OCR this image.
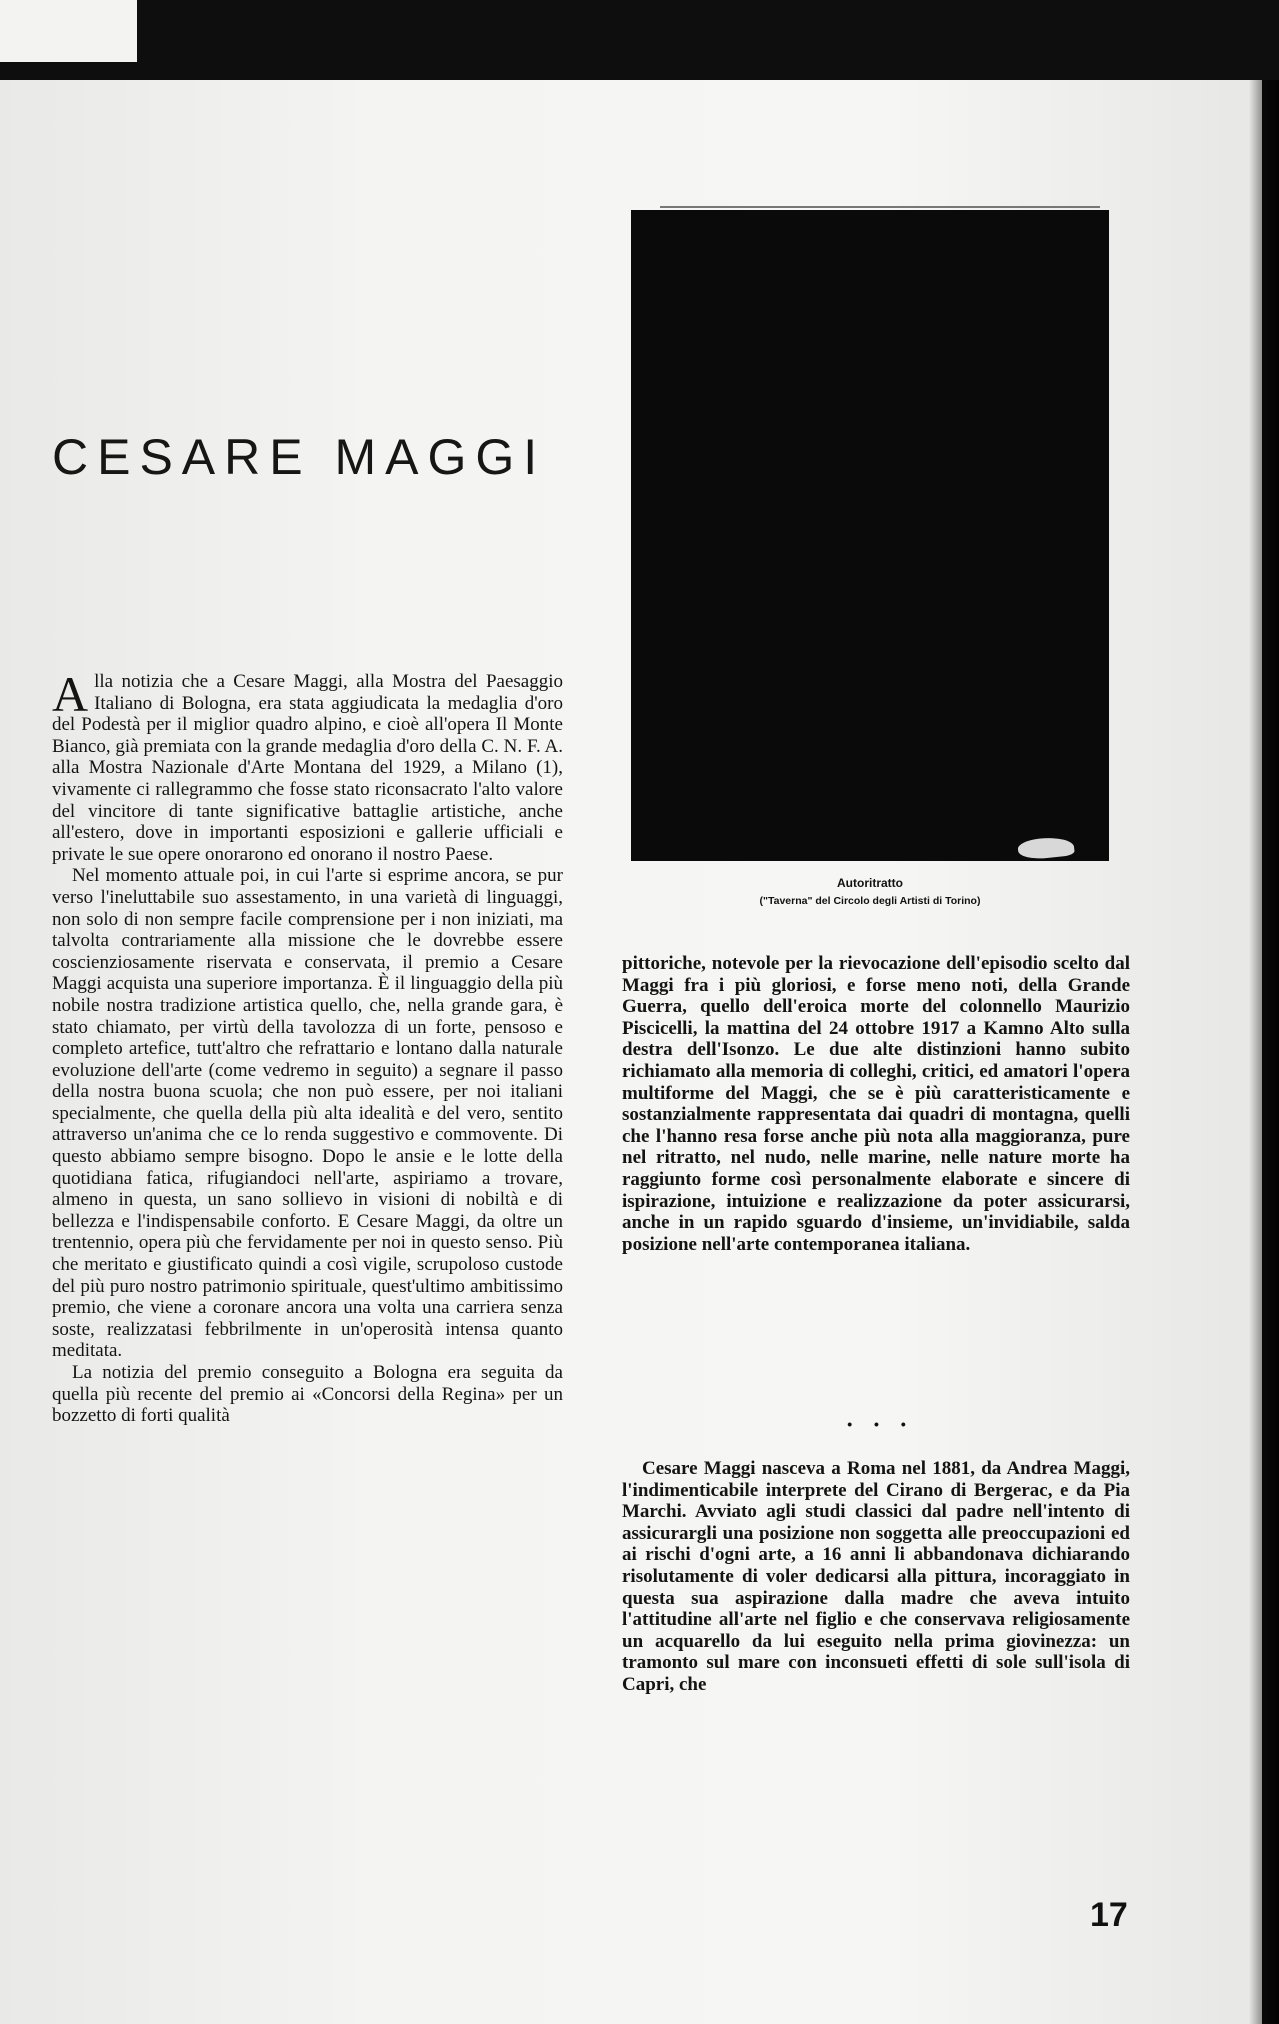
CESARE MAGGI
Autoritratto
("Taverna" del Circolo degli Artisti di Torino)

Alla notizia che a Cesare Maggi, alla Mostra del Paesaggio Italiano di Bologna, era stata aggiudicata la medaglia d'oro del Podestà per il miglior quadro alpino, e cioè all'opera Il Monte Bianco, già premiata con la grande medaglia d'oro della C. N. F. A. alla Mostra Nazionale d'Arte Montana del 1929, a Milano (1), vivamente ci rallegrammo che fosse stato riconsacrato l'alto valore del vincitore di tante significative battaglie artistiche, anche all'estero, dove in importanti esposizioni e gallerie ufficiali e private le sue opere onorarono ed onorano il nostro Paese.

Nel momento attuale poi, in cui l'arte si esprime ancora, se pur verso l'ineluttabile suo assestamento, in una varietà di linguaggi, non solo di non sempre facile comprensione per i non iniziati, ma talvolta contrariamente alla missione che le dovrebbe essere coscienziosamente riservata e conservata, il premio a Cesare Maggi acquista una superiore importanza. È il linguaggio della più nobile nostra tradizione artistica quello, che, nella grande gara, è stato chiamato, per virtù della tavolozza di un forte, pensoso e completo artefice, tutt'altro che refrattario e lontano dalla naturale evoluzione dell'arte (come vedremo in seguito) a segnare il passo della nostra buona scuola; che non può essere, per noi italiani specialmente, che quella della più alta idealità e del vero, sentito attraverso un'anima che ce lo renda suggestivo e commovente. Di questo abbiamo sempre bisogno. Dopo le ansie e le lotte della quotidiana fatica, rifugiandoci nell'arte, aspiriamo a trovare, almeno in questa, un sano sollievo in visioni di nobiltà e di bellezza e l'indispensabile conforto. E Cesare Maggi, da oltre un trentennio, opera più che fervidamente per noi in questo senso. Più che meritato e giustificato quindi a così vigile, scrupoloso custode del più puro nostro patrimonio spirituale, quest'ultimo ambitissimo premio, che viene a coronare ancora una volta una carriera senza soste, realizzatasi febbrilmente in un'operosità intensa quanto meditata.

La notizia del premio conseguito a Bologna era seguita da quella più recente del premio ai «Concorsi della Regina» per un bozzetto di forti qualità

pittoriche, notevole per la rievocazione dell'episodio scelto dal Maggi fra i più gloriosi, e forse meno noti, della Grande Guerra, quello dell'eroica morte del colonnello Maurizio Piscicelli, la mattina del 24 ottobre 1917 a Kamno Alto sulla destra dell'Isonzo. Le due alte distinzioni hanno subito richiamato alla memoria di colleghi, critici, ed amatori l'opera multiforme del Maggi, che se è più caratteristicamente e sostanzialmente rappresentata dai quadri di montagna, quelli che l'hanno resa forse anche più nota alla maggioranza, pure nel ritratto, nel nudo, nelle marine, nelle nature morte ha raggiunto forme così personalmente elaborate e sincere di ispirazione, intuizione e realizzazione da poter assicurarsi, anche in un rapido sguardo d'insieme, un'invidiabile, salda posizione nell'arte contemporanea italiana.

• • •

Cesare Maggi nasceva a Roma nel 1881, da Andrea Maggi, l'indimenticabile interprete del Cirano di Bergerac, e da Pia Marchi. Avviato agli studi classici dal padre nell'intento di assicurargli una posizione non soggetta alle preoccupazioni ed ai rischi d'ogni arte, a 16 anni li abbandonava dichiarando risolutamente di voler dedicarsi alla pittura, incoraggiato in questa sua aspirazione dalla madre che aveva intuito l'attitudine all'arte nel figlio e che conservava religiosamente un acquarello da lui eseguito nella prima giovinezza: un tramonto sul mare con inconsueti effetti di sole sull'isola di Capri, che

17
